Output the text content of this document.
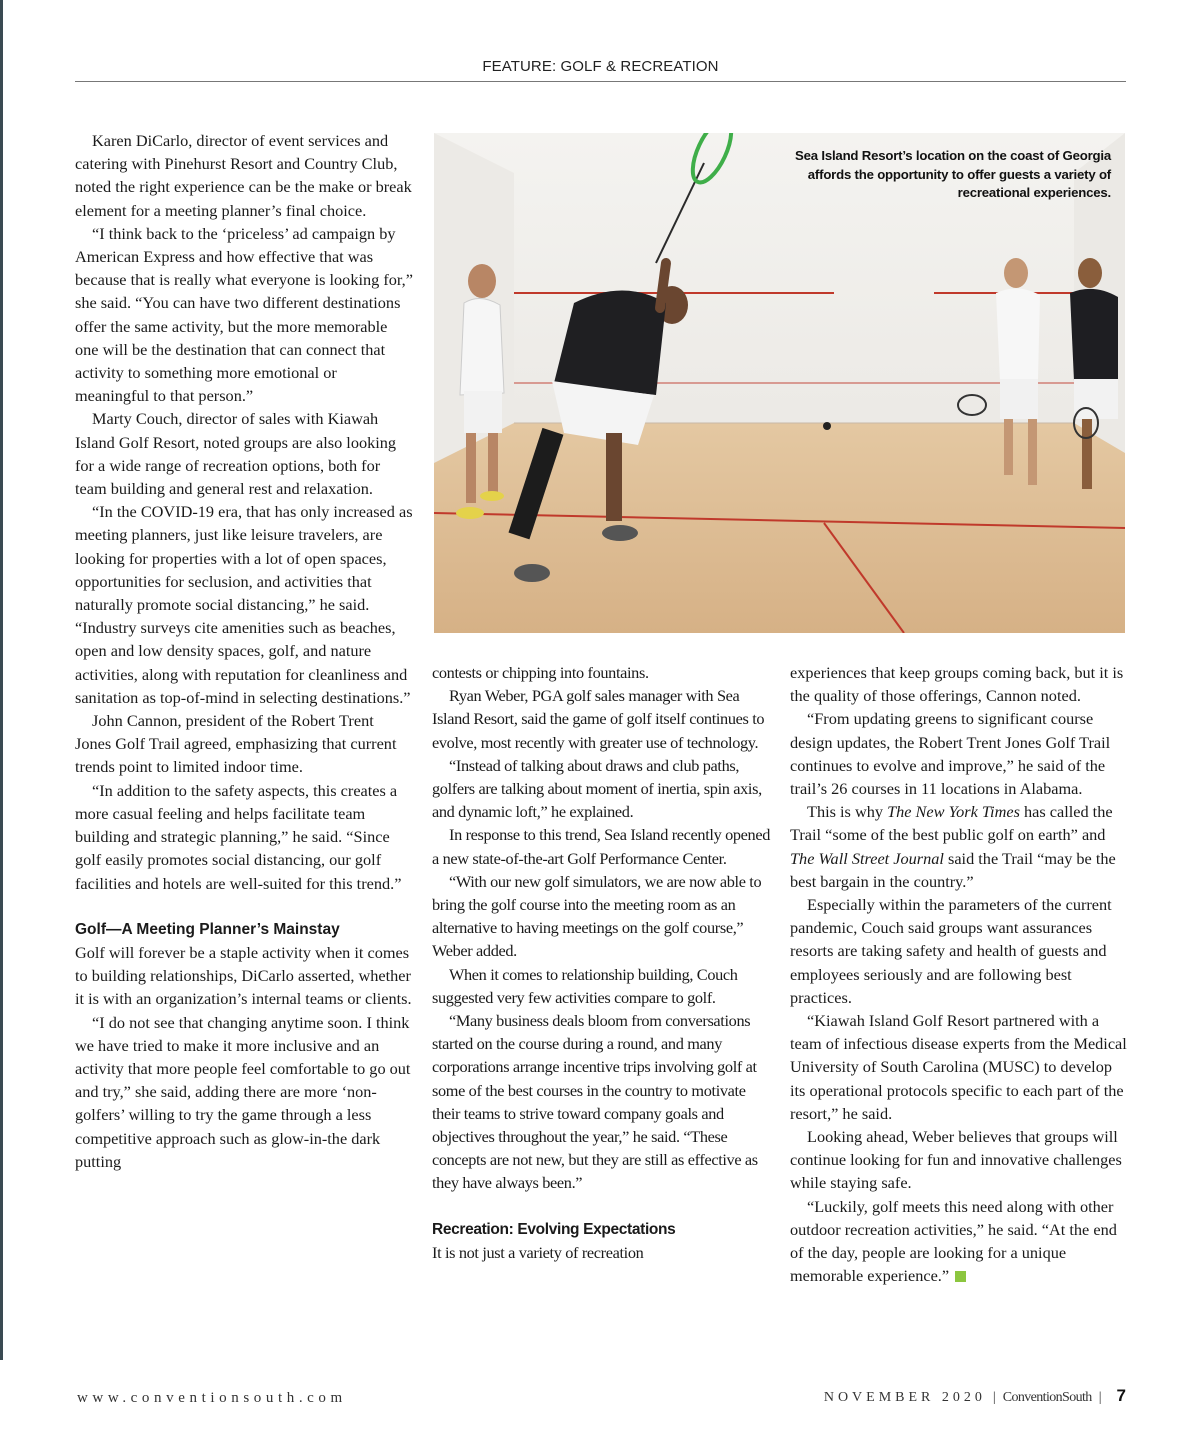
FEATURE: GOLF & RECREATION

Karen DiCarlo, director of event services and catering with Pinehurst Resort and Country Club, noted the right experience can be the make or break element for a meeting planner’s final choice.

“I think back to the ‘priceless’ ad campaign by American Express and how effective that was because that is really what everyone is looking for,” she said. “You can have two different destinations offer the same activity, but the more memorable one will be the destination that can connect that activity to something more emotional or meaningful to that person.”

Marty Couch, director of sales with Kiawah Island Golf Resort, noted groups are also looking for a wide range of recreation options, both for team building and general rest and relaxation.

“In the COVID-19 era, that has only increased as meeting planners, just like leisure travelers, are looking for properties with a lot of open spaces, opportunities for seclusion, and activities that naturally promote social distancing,” he said. “Industry surveys cite amenities such as beaches, open and low density spaces, golf, and nature activities, along with reputation for cleanliness and sanitation as top-of-mind in selecting destinations.”

John Cannon, president of the Robert Trent Jones Golf Trail agreed, emphasizing that current trends point to limited indoor time.

“In addition to the safety aspects, this creates a more casual feeling and helps facilitate team building and strategic planning,” he said. “Since golf easily promotes social distancing, our golf facilities and hotels are well-suited for this trend.”

Golf—A Meeting Planner’s Mainstay

Golf will forever be a staple activity when it comes to building relationships, DiCarlo asserted, whether it is with an organization’s internal teams or clients.

“I do not see that changing anytime soon. I think we have tried to make it more inclusive and an activity that more people feel comfortable to go out and try,” she said, adding there are more ‘non-golfers’ willing to try the game through a less competitive approach such as glow-in-the dark putting

Sea Island Resort’s location on the coast of Georgia affords the opportunity to offer guests a variety of recreational experiences.

contests or chipping into fountains.

Ryan Weber, PGA golf sales manager with Sea Island Resort, said the game of golf itself continues to evolve, most recently with greater use of technology.

“Instead of talking about draws and club paths, golfers are talking about moment of inertia, spin axis, and dynamic loft,” he explained.

In response to this trend, Sea Island recently opened a new state-of-the-art Golf Performance Center.

“With our new golf simulators, we are now able to bring the golf course into the meeting room as an alternative to having meetings on the golf course,” Weber added.

When it comes to relationship building, Couch suggested very few activities compare to golf.

“Many business deals bloom from conversations started on the course during a round, and many corporations arrange incentive trips involving golf at some of the best courses in the country to motivate their teams to strive toward company goals and objectives throughout the year,” he said. “These concepts are not new, but they are still as effective as they have always been.”

Recreation: Evolving Expectations

It is not just a variety of recreation

experiences that keep groups coming back, but it is the quality of those offerings, Cannon noted.

“From updating greens to significant course design updates, the Robert Trent Jones Golf Trail continues to evolve and improve,” he said of the trail’s 26 courses in 11 locations in Alabama.

This is why The New York Times has called the Trail “some of the best public golf on earth” and The Wall Street Journal said the Trail “may be the best bargain in the country.”

Especially within the parameters of the current pandemic, Couch said groups want assurances resorts are taking safety and health of guests and employees seriously and are following best practices.

“Kiawah Island Golf Resort partnered with a team of infectious disease experts from the Medical University of South Carolina (MUSC) to develop its operational protocols specific to each part of the resort,” he said.

Looking ahead, Weber believes that groups will continue looking for fun and innovative challenges while staying safe.

“Luckily, golf meets this need along with other outdoor recreation activities,” he said. “At the end of the day, people are looking for a unique memorable experience.”

www.conventionsouth.com	NOVEMBER 2020 | ConventionSouth | 7
